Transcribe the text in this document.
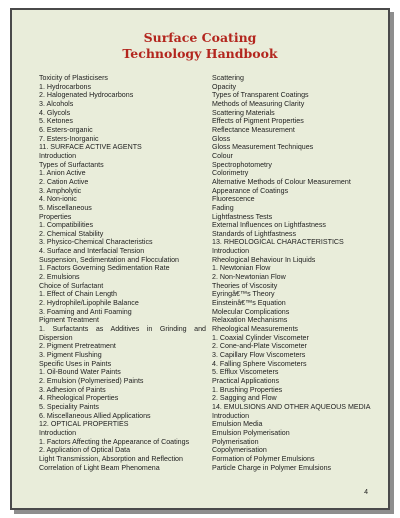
Surface Coating
Technology Handbook
Toxicity of Plasticisers
1. Hydrocarbons
2. Halogenated Hydrocarbons
3. Alcohols
4. Glycols
5. Ketones
6. Esters-organic
7. Esters-Inorganic
11. SURFACE ACTIVE AGENTS
Introduction
Types of Surfactants
1. Anion Active
2. Cation Active
3. Ampholytic
4. Non-ionic
5. Miscellaneous
Properties
1. Compatibilities
2. Chemical Stability
3. Physico-Chemical Characteristics
4. Surface and Interfacial Tension
Suspension, Sedimentation and Flocculation
1. Factors Governing Sedimentation Rate
2. Emulsions
Choice of Surfactant
1. Effect of Chain Length
2. Hydrophile/Lipophile Balance
3. Foaming and Anti Foaming
Pigment Treatment
1. Surfactants as Additives in Grinding and
Dispersion
2. Pigment Pretreatment
3. Pigment Flushing
Specific Uses in Paints
1. Oil-Bound Water Paints
2. Emulsion (Polymerised) Paints
3. Adhesion of Paints
4. Rheological Properties
5. Speciality Paints
6. Miscellaneous Allied Applications
12. OPTICAL PROPERTIES
Introduction
1. Factors Affecting the Appearance of Coatings
2. Application of Optical Data
Light Transmission, Absorption and Reflection
Correlation of Light Beam Phenomena
Scattering
Opacity
Types of Transparent Coatings
Methods of Measuring Clarity
Scattering Materials
Effects of Pigment Properties
Reflectance Measurement
Gloss
Gloss Measurement Techniques
Colour
Spectrophotometry
Colorimetry
Alternative Methods of Colour Measurement
Appearance of Coatings
Fluorescence
Fading
Lightfastness Tests
External Influences on Lightfastness
Standards of Lightfastness
13. RHEOLOGICAL CHARACTERISTICS
Introduction
Rheological Behaviour In Liquids
1. Newtonian Flow
2. Non-Newtonian Flow
Theories of Viscosity
Eyringâ€™s Theory
Einsteinâ€™s Equation
Molecular Complications
Relaxation Mechanisms
Rheological Measurements
1. Coaxial Cylinder Viscometer
2. Cone-and-Plate Viscometer
3. Capillary Flow Viscometers
4. Falling Sphere Viscometers
5. Efflux Viscometers
Practical Applications
1. Brushing Properties
2. Sagging and Flow
14. EMULSIONS AND OTHER AQUEOUS MEDIA
Introduction
Emulsion Media
Emulsion Polymerisation
Polymerisation
Copolymerisation
Formation of Polymer Emulsions
Particle Charge in Polymer Emulsions
4
